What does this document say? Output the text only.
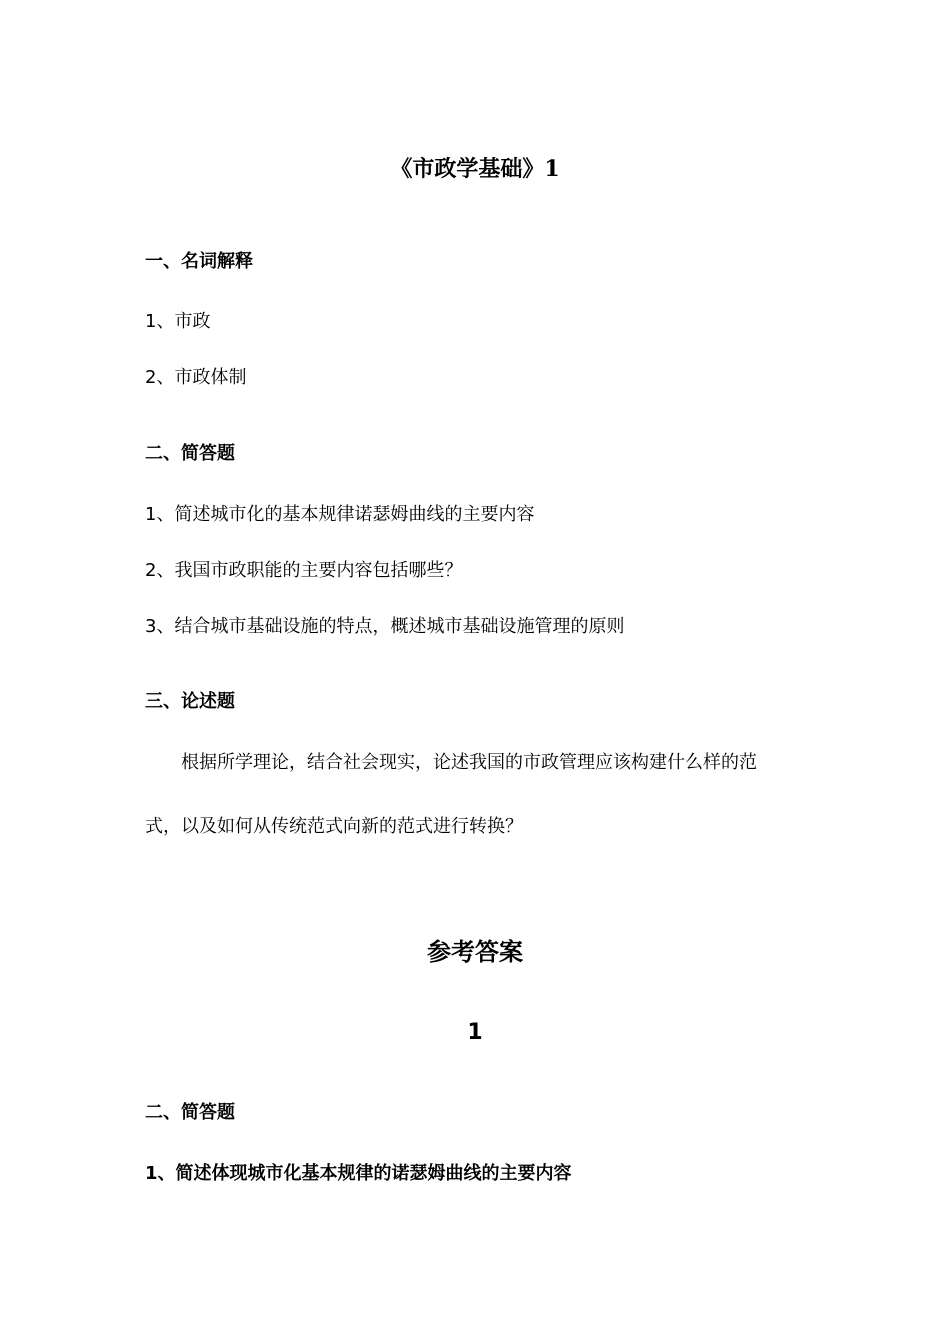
《市政学基础》1
一、名词解释
1、市政
2、市政体制
二、简答题
1、简述城市化的基本规律诺瑟姆曲线的主要内容
2、我国市政职能的主要内容包括哪些？
3、结合城市基础设施的特点，概述城市基础设施管理的原则
三、论述题
根据所学理论，结合社会现实，论述我国的市政管理应该构建什么样的范
式，以及如何从传统范式向新的范式进行转换？
参考答案
1
二、简答题
1、简述体现城市化基本规律的诺瑟姆曲线的主要内容
